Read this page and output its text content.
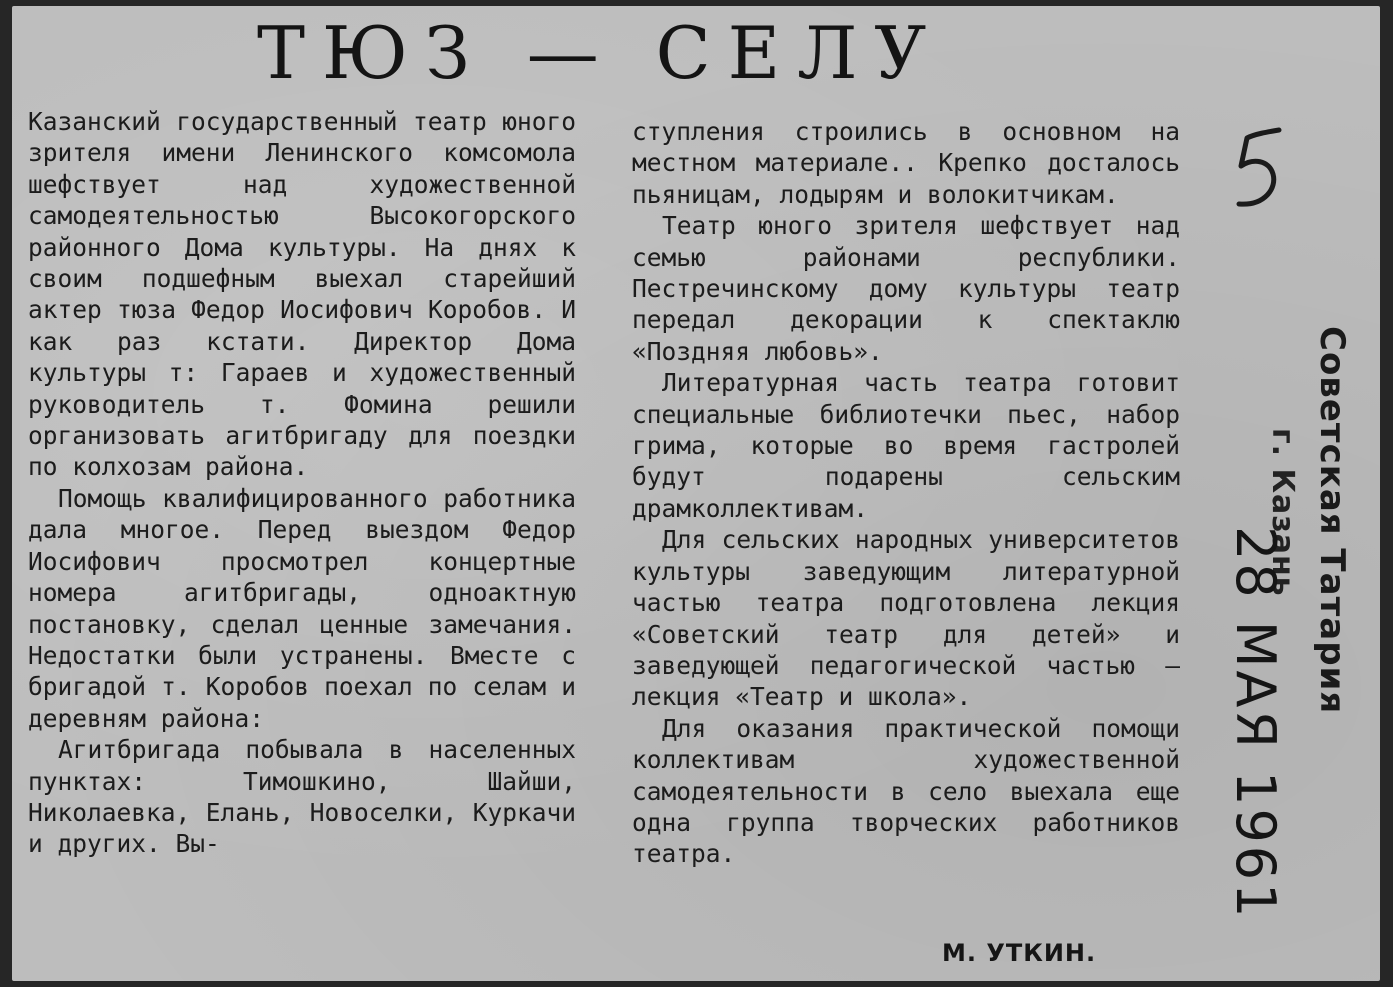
ТЮЗ — СЕЛУ

Казанский государственный театр юного зрителя имени Ленинского комсомола шефствует над художественной самодеятельностью Высокогорского районного Дома культуры. На днях к своим подшефным выехал старейший актер тюза Федор Иосифович Коробов. И как раз кстати. Директор Дома культуры т: Гараев и художественный руководитель т. Фомина решили организовать агитбригаду для поездки по колхозам района.

Помощь квалифицированного работника дала многое. Перед выездом Федор Иосифович просмотрел концертные номера агитбригады, одноактную постановку, сделал ценные замечания. Недостатки были устранены. Вместе с бригадой т. Коробов поехал по селам и деревням района:

Агитбригада побывала в населенных пунктах: Тимошкино, Шайши, Николаевка, Елань, Новоселки, Куркачи и других. Вы-

ступления строились в основном на местном материале.. Крепко досталось пьяницам, лодырям и волокитчикам.

Театр юного зрителя шефствует над семью районами республики. Пестречинскому дому культуры театр передал декорации к спектаклю «Поздняя любовь».

Литературная часть театра готовит специальные библиотечки пьес, набор грима, которые во время гастролей будут подарены сельским драмколлективам.

Для сельских народных университетов культуры заведующим литературной частью театра подготовлена лекция «Советский театр для детей» и заведующей педагогической частью — лекция «Театр и школа».

Для оказания практической помощи коллективам художественной самодеятельности в село выехала еще одна группа творческих работников театра.

М. УТКИН.
Советская Татария
г. Казань
28 МАЯ 1961
